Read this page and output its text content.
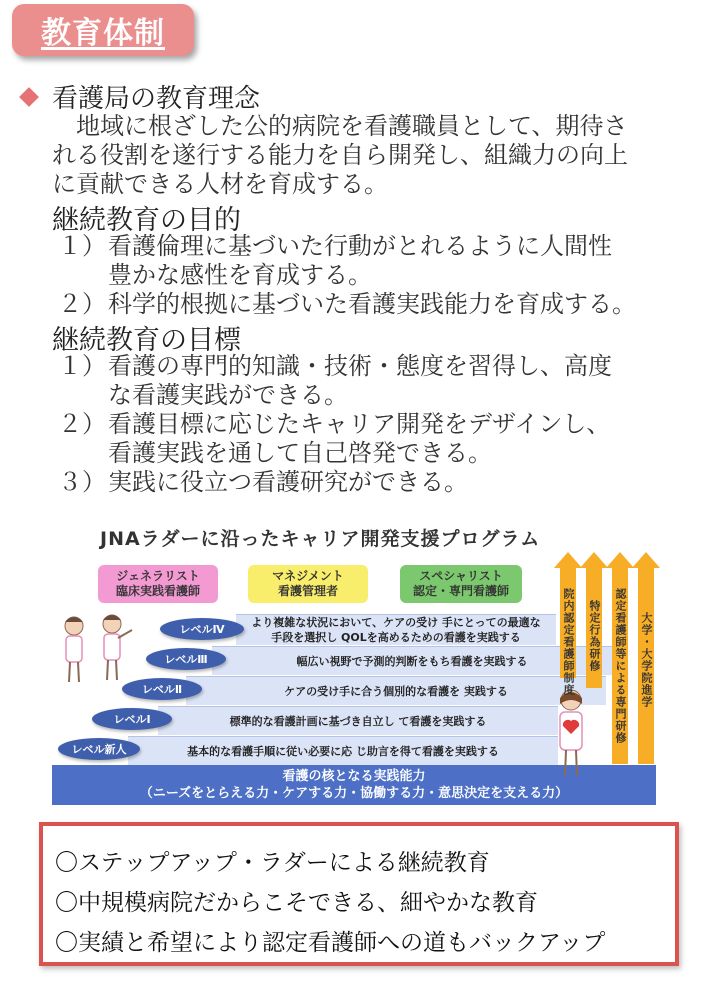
教育体制
看護局の教育理念
　地域に根ざした公的病院を看護職員として、期待さ
れる役割を遂行する能力を自ら開発し、組織力の向上
に貢献できる人材を育成する。
継続教育の目的
１） 看護倫理に基づいた行動がとれるように人間性
豊かな感性を育成する。
２） 科学的根拠に基づいた看護実践能力を育成する。
継続教育の目標
１） 看護の専門的知識・技術・態度を習得し、高度
な看護実践ができる。
２） 看護目標に応じたキャリア開発をデザインし、
看護実践を通して自己啓発できる。
３） 実践に役立つ看護研究ができる。
JNAラダーに沿ったキャリア開発支援プログラム
ジェネラリスト
臨床実践看護師
マネジメント
看護管理者
スペシャリスト
認定・専門看護師
より複雑な状況において、ケアの受け 手にとっての最適な
手段を選択し QOLを高めるための看護を実践する
幅広い視野で予測的判断をもち看護を実践する
ケアの受け手に合う個別的な看護を 実践する
標準的な看護計画に基づき自立し て看護を実践する
基本的な看護手順に従い必要に応 じ助言を得て看護を実践する
レベルⅣ
レベルⅢ
レベルⅡ
レベルⅠ
レベル新人
看護の核となる実践能力
（ニーズをとらえる力・ケアする力・協働する力・意思決定を支える力）
院内認定看護師制度 特定行為研修 認定看護師等による専門研修 大学・大学院進学
〇ステップアップ・ラダーによる継続教育
〇中規模病院だからこそできる、細やかな教育
〇実績と希望により認定看護師への道もバックアップ
